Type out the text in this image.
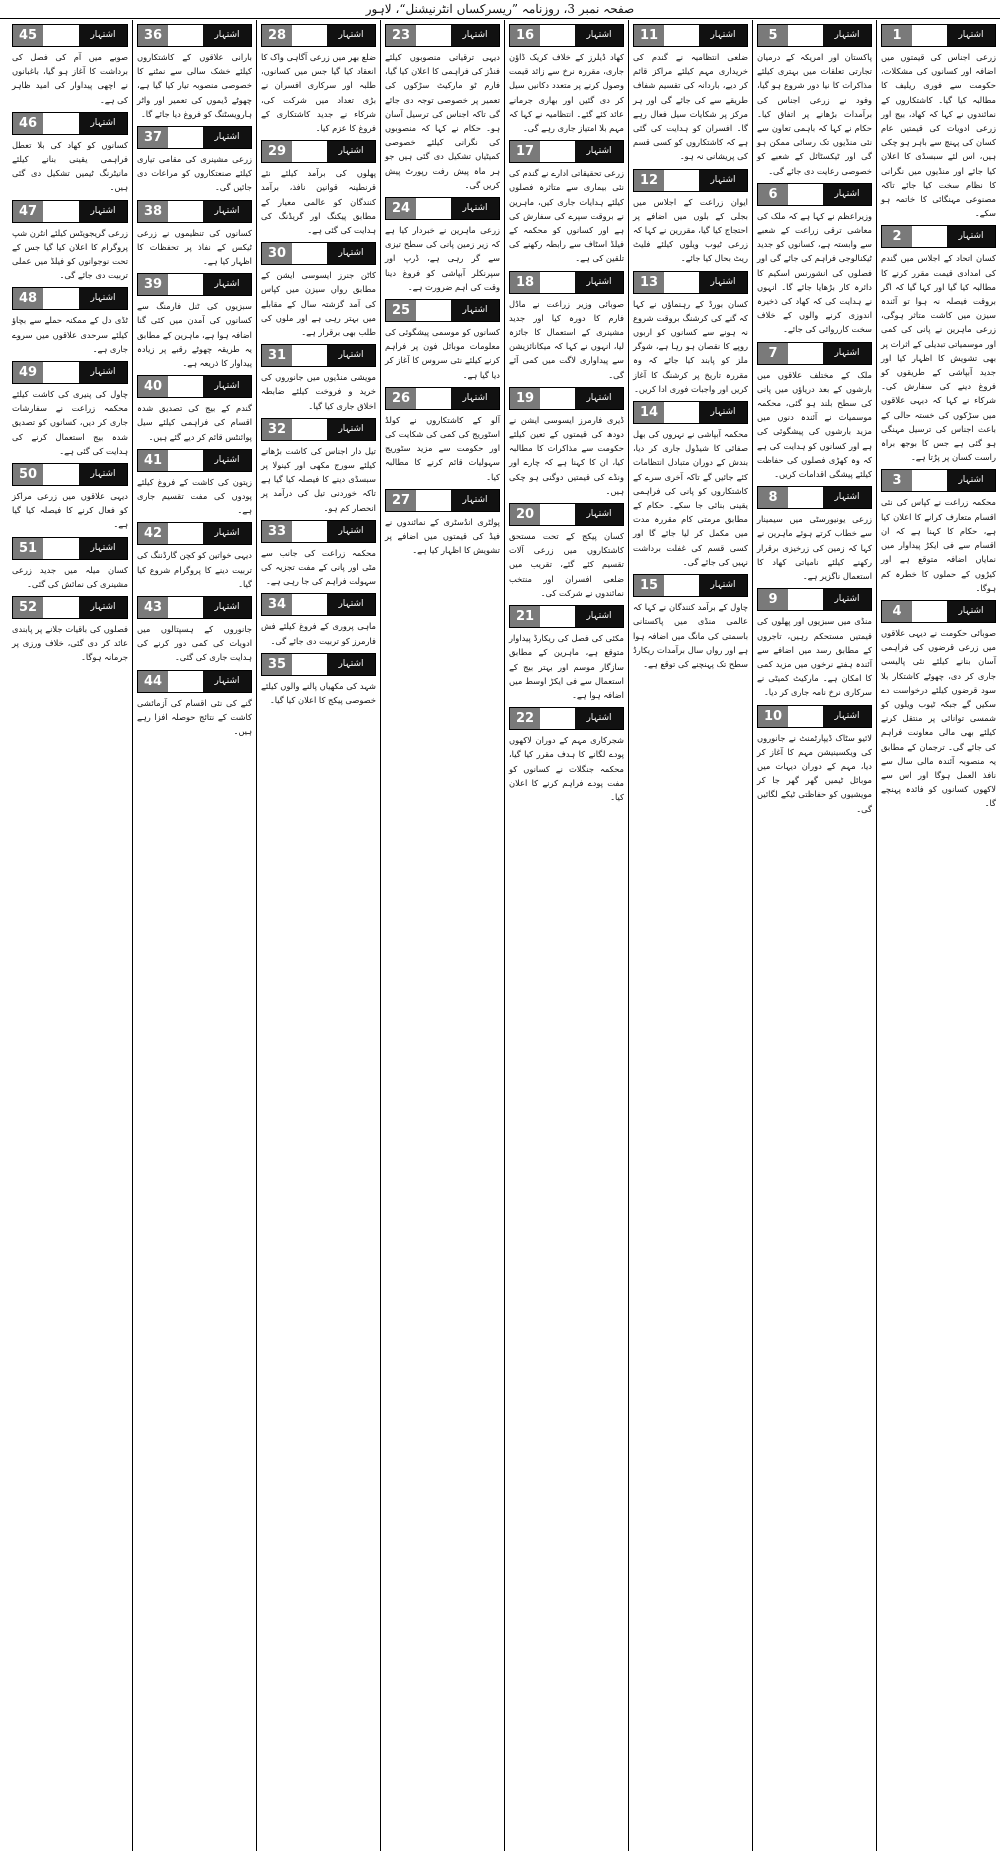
صفحہ نمبر 3، روزنامہ ”ریسرکساں انٹرنیشنل“، لاہور
1	اشتہار
زرعی اجناس کی قیمتوں میں اضافہ اور کسانوں کی مشکلات، حکومت سے فوری ریلیف کا مطالبہ کیا گیا۔ کاشتکاروں کے نمائندوں نے کہا کہ کھاد، بیج اور زرعی ادویات کی قیمتیں عام کسان کی پہنچ سے باہر ہو چکی ہیں، اس لئے سبسڈی کا اعلان کیا جائے اور منڈیوں میں نگرانی کا نظام سخت کیا جائے تاکہ مصنوعی مہنگائی کا خاتمہ ہو سکے۔
2	اشتہار
کسان اتحاد کے اجلاس میں گندم کی امدادی قیمت مقرر کرنے کا مطالبہ کیا گیا اور کہا گیا کہ اگر بروقت فیصلہ نہ ہوا تو آئندہ سیزن میں کاشت متاثر ہوگی، زرعی ماہرین نے پانی کی کمی اور موسمیاتی تبدیلی کے اثرات پر بھی تشویش کا اظہار کیا اور جدید آبپاشی کے طریقوں کو فروغ دینے کی سفارش کی۔ شرکاء نے کہا کہ دیہی علاقوں میں سڑکوں کی خستہ حالی کے باعث اجناس کی ترسیل مہنگی ہو گئی ہے جس کا بوجھ براہ راست کسان پر پڑتا ہے۔
3	اشتہار
محکمہ زراعت نے کپاس کی نئی اقسام متعارف کرانے کا اعلان کیا ہے، حکام کا کہنا ہے کہ ان اقسام سے فی ایکڑ پیداوار میں نمایاں اضافہ متوقع ہے اور کیڑوں کے حملوں کا خطرہ کم ہوگا۔
4	اشتہار
صوبائی حکومت نے دیہی علاقوں میں زرعی قرضوں کی فراہمی آسان بنانے کیلئے نئی پالیسی جاری کر دی، چھوٹے کاشتکار بلا سود قرضوں کیلئے درخواست دے سکیں گے جبکہ ٹیوب ویلوں کو شمسی توانائی پر منتقل کرنے کیلئے بھی مالی معاونت فراہم کی جائے گی۔ ترجمان کے مطابق یہ منصوبہ آئندہ مالی سال سے نافذ العمل ہوگا اور اس سے لاکھوں کسانوں کو فائدہ پہنچے گا۔
5	اشتہار
پاکستان اور امریکہ کے درمیان تجارتی تعلقات میں بہتری کیلئے مذاکرات کا نیا دور شروع ہو گیا، وفود نے زرعی اجناس کی برآمدات بڑھانے پر اتفاق کیا۔ حکام نے کہا کہ باہمی تعاون سے نئی منڈیوں تک رسائی ممکن ہو گی اور ٹیکسٹائل کے شعبے کو خصوصی رعایت دی جائے گی۔
6	اشتہار
وزیراعظم نے کہا ہے کہ ملک کی معاشی ترقی زراعت کے شعبے سے وابستہ ہے، کسانوں کو جدید ٹیکنالوجی فراہم کی جائے گی اور فصلوں کی انشورنس اسکیم کا دائرہ کار بڑھایا جائے گا۔ انہوں نے ہدایت کی کہ کھاد کی ذخیرہ اندوزی کرنے والوں کے خلاف سخت کارروائی کی جائے۔
7	اشتہار
ملک کے مختلف علاقوں میں بارشوں کے بعد دریاؤں میں پانی کی سطح بلند ہو گئی، محکمہ موسمیات نے آئندہ دنوں میں مزید بارشوں کی پیشگوئی کی ہے اور کسانوں کو ہدایت کی ہے کہ وہ کھڑی فصلوں کی حفاظت کیلئے پیشگی اقدامات کریں۔
8	اشتہار
زرعی یونیورسٹی میں سیمینار سے خطاب کرتے ہوئے ماہرین نے کہا کہ زمین کی زرخیزی برقرار رکھنے کیلئے نامیاتی کھاد کا استعمال ناگزیر ہے۔
9	اشتہار
منڈی میں سبزیوں اور پھلوں کی قیمتیں مستحکم رہیں، تاجروں کے مطابق رسد میں اضافے سے آئندہ ہفتے نرخوں میں مزید کمی کا امکان ہے۔ مارکیٹ کمیٹی نے سرکاری نرخ نامہ جاری کر دیا۔
10	اشتہار
لائیو سٹاک ڈیپارٹمنٹ نے جانوروں کی ویکسینیشن مہم کا آغاز کر دیا، مہم کے دوران دیہات میں موبائل ٹیمیں گھر گھر جا کر مویشیوں کو حفاظتی ٹیکے لگائیں گی۔
11	اشتہار
ضلعی انتظامیہ نے گندم کی خریداری مہم کیلئے مراکز قائم کر دیے، باردانہ کی تقسیم شفاف طریقے سے کی جائے گی اور ہر مرکز پر شکایات سیل فعال رہے گا۔ افسران کو ہدایت کی گئی ہے کہ کاشتکاروں کو کسی قسم کی پریشانی نہ ہو۔
12	اشتہار
ایوان زراعت کے اجلاس میں بجلی کے بلوں میں اضافے پر احتجاج کیا گیا، مقررین نے کہا کہ زرعی ٹیوب ویلوں کیلئے فلیٹ ریٹ بحال کیا جائے۔
13	اشتہار
کسان بورڈ کے رہنماؤں نے کہا کہ گنے کی کرشنگ بروقت شروع نہ ہونے سے کسانوں کو اربوں روپے کا نقصان ہو رہا ہے، شوگر ملز کو پابند کیا جائے کہ وہ مقررہ تاریخ پر کرشنگ کا آغاز کریں اور واجبات فوری ادا کریں۔
14	اشتہار
محکمہ آبپاشی نے نہروں کی بھل صفائی کا شیڈول جاری کر دیا، بندش کے دوران متبادل انتظامات کئے جائیں گے تاکہ آخری سرے کے کاشتکاروں کو پانی کی فراہمی یقینی بنائی جا سکے۔ حکام کے مطابق مرمتی کام مقررہ مدت میں مکمل کر لیا جائے گا اور کسی قسم کی غفلت برداشت نہیں کی جائے گی۔
15	اشتہار
چاول کے برآمد کنندگان نے کہا کہ عالمی منڈی میں پاکستانی باسمتی کی مانگ میں اضافہ ہوا ہے اور رواں سال برآمدات ریکارڈ سطح تک پہنچنے کی توقع ہے۔
16	اشتہار
کھاد ڈیلرز کے خلاف کریک ڈاؤن جاری، مقررہ نرخ سے زائد قیمت وصول کرنے پر متعدد دکانیں سیل کر دی گئیں اور بھاری جرمانے عائد کئے گئے۔ انتظامیہ نے کہا کہ مہم بلا امتیاز جاری رہے گی۔
17	اشتہار
زرعی تحقیقاتی ادارے نے گندم کی نئی بیماری سے متاثرہ فصلوں کیلئے ہدایات جاری کیں، ماہرین نے بروقت سپرے کی سفارش کی ہے اور کسانوں کو محکمہ کے فیلڈ اسٹاف سے رابطہ رکھنے کی تلقین کی ہے۔
18	اشتہار
صوبائی وزیر زراعت نے ماڈل فارم کا دورہ کیا اور جدید مشینری کے استعمال کا جائزہ لیا، انہوں نے کہا کہ میکانائزیشن سے پیداواری لاگت میں کمی آئے گی۔
19	اشتہار
ڈیری فارمرز ایسوسی ایشن نے دودھ کی قیمتوں کے تعین کیلئے حکومت سے مذاکرات کا مطالبہ کیا، ان کا کہنا ہے کہ چارے اور ونڈے کی قیمتیں دوگنی ہو چکی ہیں۔
20	اشتہار
کسان پیکج کے تحت مستحق کاشتکاروں میں زرعی آلات تقسیم کئے گئے، تقریب میں ضلعی افسران اور منتخب نمائندوں نے شرکت کی۔
21	اشتہار
مکئی کی فصل کی ریکارڈ پیداوار متوقع ہے، ماہرین کے مطابق سازگار موسم اور بہتر بیج کے استعمال سے فی ایکڑ اوسط میں اضافہ ہوا ہے۔
22	اشتہار
شجرکاری مہم کے دوران لاکھوں پودے لگانے کا ہدف مقرر کیا گیا، محکمہ جنگلات نے کسانوں کو مفت پودے فراہم کرنے کا اعلان کیا۔
23	اشتہار
دیہی ترقیاتی منصوبوں کیلئے فنڈز کی فراہمی کا اعلان کیا گیا، فارم ٹو مارکیٹ سڑکوں کی تعمیر پر خصوصی توجہ دی جائے گی تاکہ اجناس کی ترسیل آسان ہو۔ حکام نے کہا کہ منصوبوں کی نگرانی کیلئے خصوصی کمیٹیاں تشکیل دی گئی ہیں جو ہر ماہ پیش رفت رپورٹ پیش کریں گی۔
24	اشتہار
زرعی ماہرین نے خبردار کیا ہے کہ زیر زمین پانی کی سطح تیزی سے گر رہی ہے، ڈرپ اور سپرنکلر آبپاشی کو فروغ دینا وقت کی اہم ضرورت ہے۔
25	اشتہار
کسانوں کو موسمی پیشگوئی کی معلومات موبائل فون پر فراہم کرنے کیلئے نئی سروس کا آغاز کر دیا گیا ہے۔
26	اشتہار
آلو کے کاشتکاروں نے کولڈ اسٹوریج کی کمی کی شکایت کی اور حکومت سے مزید سٹوریج سہولیات قائم کرنے کا مطالبہ کیا۔
27	اشتہار
پولٹری انڈسٹری کے نمائندوں نے فیڈ کی قیمتوں میں اضافے پر تشویش کا اظہار کیا ہے۔
28	اشتہار
ضلع بھر میں زرعی آگاہی واک کا انعقاد کیا گیا جس میں کسانوں، طلبہ اور سرکاری افسران نے بڑی تعداد میں شرکت کی، شرکاء نے جدید کاشتکاری کے فروغ کا عزم کیا۔
29	اشتہار
پھلوں کی برآمد کیلئے نئے قرنطینہ قوانین نافذ، برآمد کنندگان کو عالمی معیار کے مطابق پیکنگ اور گریڈنگ کی ہدایت کی گئی ہے۔
30	اشتہار
کاٹن جنرز ایسوسی ایشن کے مطابق رواں سیزن میں کپاس کی آمد گزشتہ سال کے مقابلے میں بہتر رہی ہے اور ملوں کی طلب بھی برقرار ہے۔
31	اشتہار
مویشی منڈیوں میں جانوروں کی خرید و فروخت کیلئے ضابطہ اخلاق جاری کیا گیا۔
32	اشتہار
تیل دار اجناس کی کاشت بڑھانے کیلئے سورج مکھی اور کینولا پر سبسڈی دینے کا فیصلہ کیا گیا ہے تاکہ خوردنی تیل کی درآمد پر انحصار کم ہو۔
33	اشتہار
محکمہ زراعت کی جانب سے مٹی اور پانی کے مفت تجزیہ کی سہولت فراہم کی جا رہی ہے۔
34	اشتہار
ماہی پروری کے فروغ کیلئے فش فارمرز کو تربیت دی جائے گی۔
35	اشتہار
شہد کی مکھیاں پالنے والوں کیلئے خصوصی پیکج کا اعلان کیا گیا۔
36	اشتہار
بارانی علاقوں کے کاشتکاروں کیلئے خشک سالی سے نمٹنے کا خصوصی منصوبہ تیار کیا گیا ہے، چھوٹے ڈیموں کی تعمیر اور واٹر ہارویسٹنگ کو فروغ دیا جائے گا۔
37	اشتہار
زرعی مشینری کی مقامی تیاری کیلئے صنعتکاروں کو مراعات دی جائیں گی۔
38	اشتہار
کسانوں کی تنظیموں نے زرعی ٹیکس کے نفاذ پر تحفظات کا اظہار کیا ہے۔
39	اشتہار
سبزیوں کی ٹنل فارمنگ سے کسانوں کی آمدن میں کئی گنا اضافہ ہوا ہے، ماہرین کے مطابق یہ طریقہ چھوٹے رقبے پر زیادہ پیداوار کا ذریعہ ہے۔
40	اشتہار
گندم کے بیج کی تصدیق شدہ اقسام کی فراہمی کیلئے سیل پوائنٹس قائم کر دیے گئے ہیں۔
41	اشتہار
زیتون کی کاشت کے فروغ کیلئے پودوں کی مفت تقسیم جاری ہے۔
42	اشتہار
دیہی خواتین کو کچن گارڈننگ کی تربیت دینے کا پروگرام شروع کیا گیا۔
43	اشتہار
جانوروں کے ہسپتالوں میں ادویات کی کمی دور کرنے کی ہدایت جاری کی گئی۔
44	اشتہار
گنے کی نئی اقسام کی آزمائشی کاشت کے نتائج حوصلہ افزا رہے ہیں۔
45	اشتہار
صوبے میں آم کی فصل کی برداشت کا آغاز ہو گیا، باغبانوں نے اچھی پیداوار کی امید ظاہر کی ہے۔
46	اشتہار
کسانوں کو کھاد کی بلا تعطل فراہمی یقینی بنانے کیلئے مانیٹرنگ ٹیمیں تشکیل دی گئی ہیں۔
47	اشتہار
زرعی گریجویٹس کیلئے انٹرن شپ پروگرام کا اعلان کیا گیا جس کے تحت نوجوانوں کو فیلڈ میں عملی تربیت دی جائے گی۔
48	اشتہار
ٹڈی دل کے ممکنہ حملے سے بچاؤ کیلئے سرحدی علاقوں میں سروے جاری ہے۔
49	اشتہار
چاول کی پنیری کی کاشت کیلئے محکمہ زراعت نے سفارشات جاری کر دیں، کسانوں کو تصدیق شدہ بیج استعمال کرنے کی ہدایت کی گئی ہے۔
50	اشتہار
دیہی علاقوں میں زرعی مراکز کو فعال کرنے کا فیصلہ کیا گیا ہے۔
51	اشتہار
کسان میلہ میں جدید زرعی مشینری کی نمائش کی گئی۔
52	اشتہار
فصلوں کی باقیات جلانے پر پابندی عائد کر دی گئی، خلاف ورزی پر جرمانہ ہوگا۔
